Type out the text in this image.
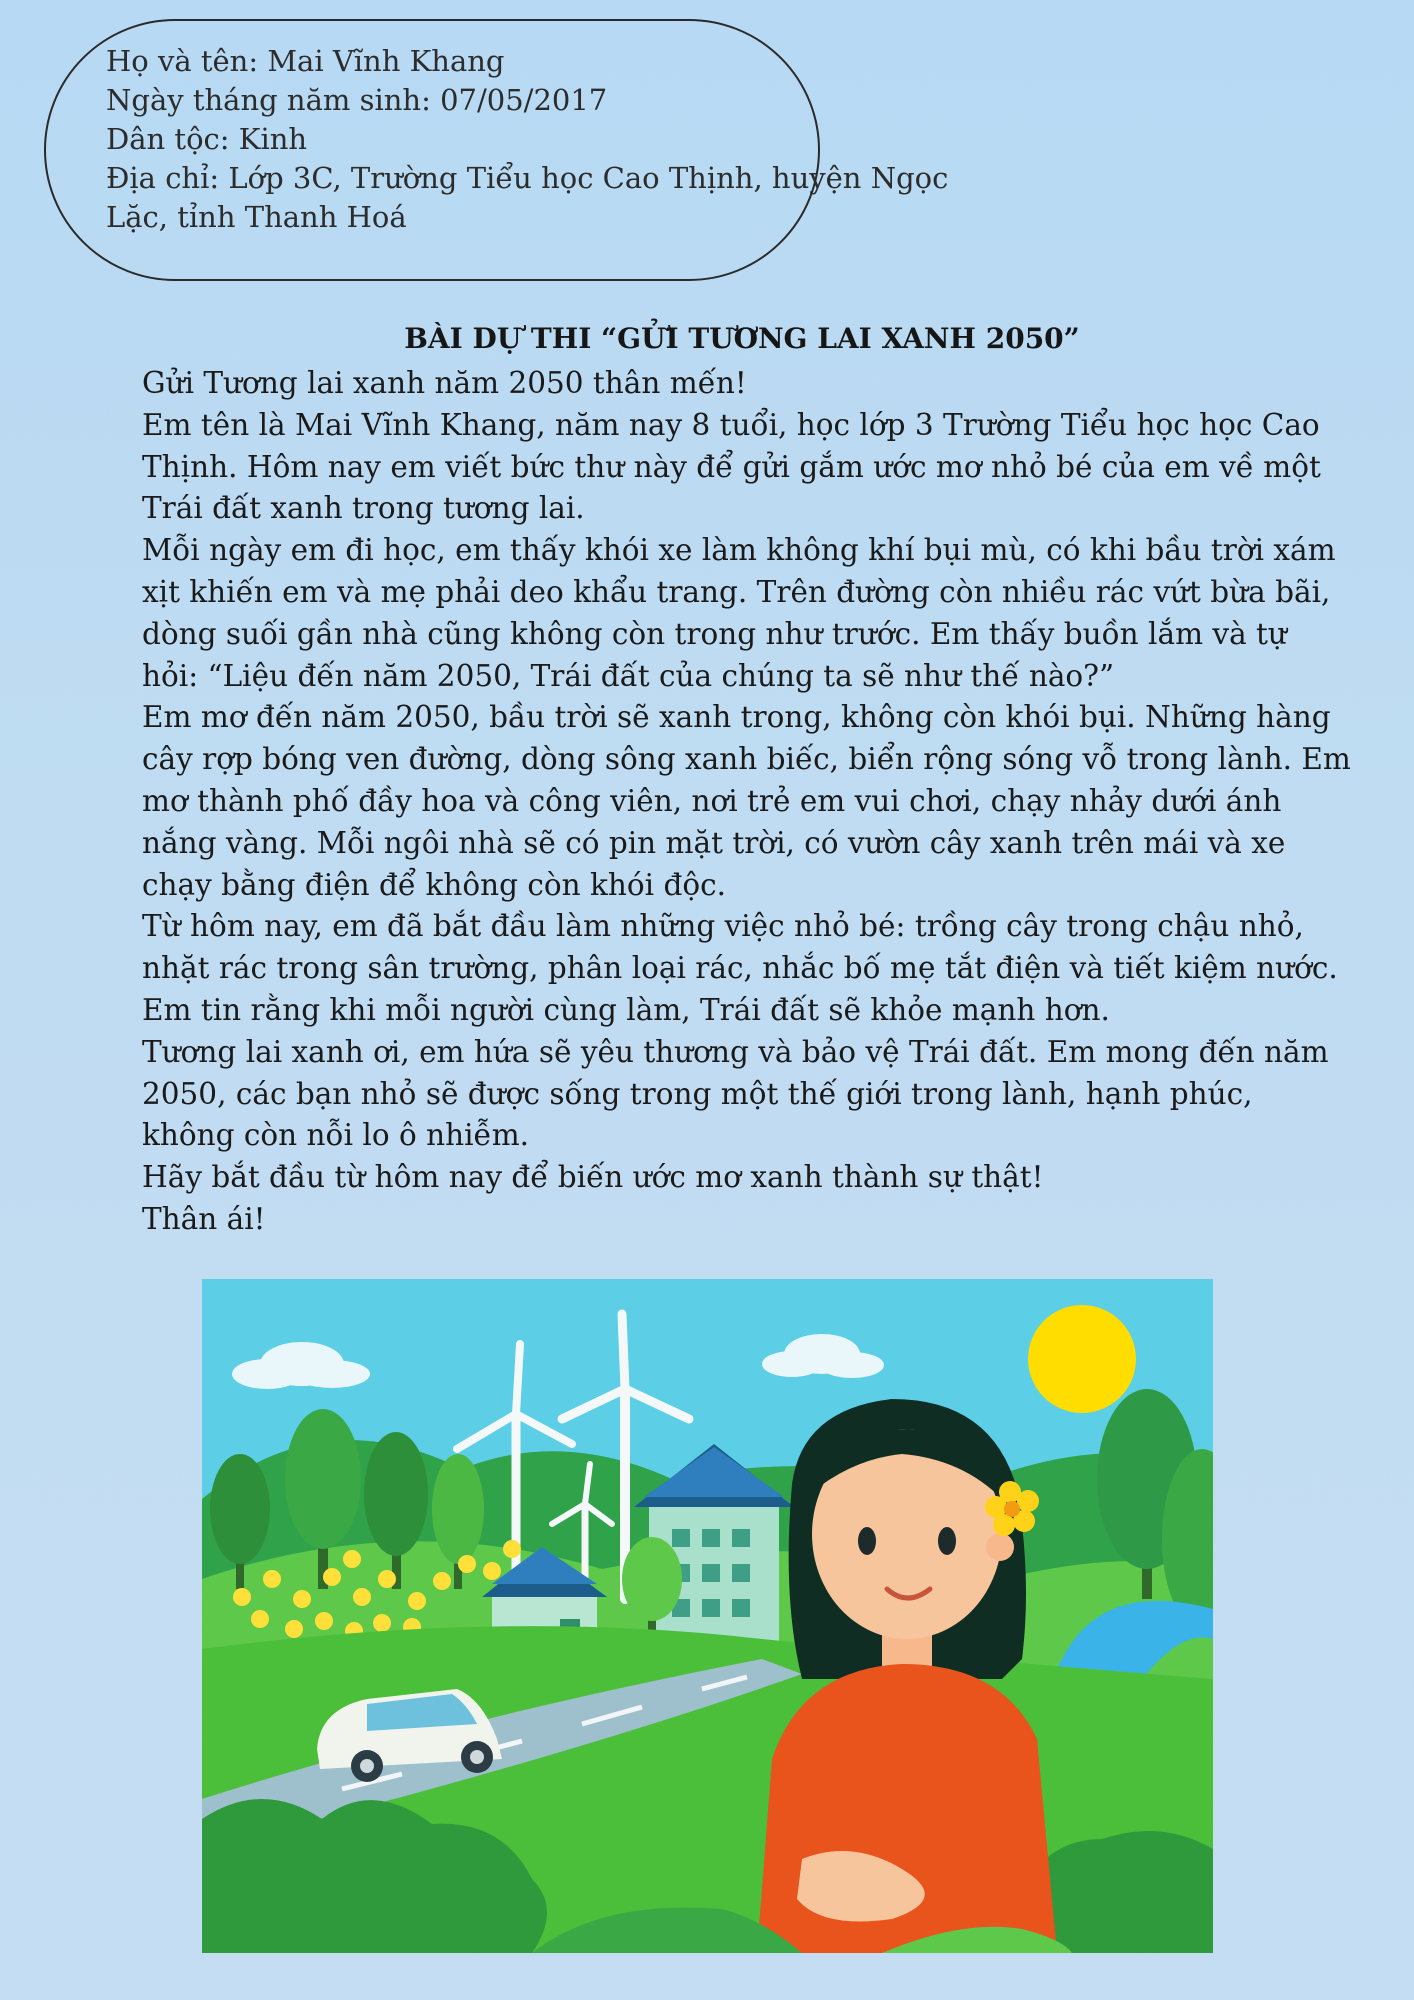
Họ và tên: Mai Vĩnh Khang
Ngày tháng năm sinh: 07/05/2017
Dân tộc: Kinh
Địa chỉ: Lớp 3C, Trường Tiểu học Cao Thịnh, huyện Ngọc
Lặc, tỉnh Thanh Hoá
BÀI DỰ THI “GỬI TƯƠNG LAI XANH 2050”

Gửi Tương lai xanh năm 2050 thân mến!

Em tên là Mai Vĩnh Khang, năm nay 8 tuổi, học lớp 3 Trường Tiểu học học Cao Thịnh. Hôm nay em viết bức thư này để gửi gắm ước mơ nhỏ bé của em về một Trái đất xanh trong tương lai.

Mỗi ngày em đi học, em thấy khói xe làm không khí bụi mù, có khi bầu trời xám xịt khiến em và mẹ phải deo khẩu trang. Trên đường còn nhiều rác vứt bừa bãi, dòng suối gần nhà cũng không còn trong như trước. Em thấy buồn lắm và tự hỏi: “Liệu đến năm 2050, Trái đất của chúng ta sẽ như thế nào?”

Em mơ đến năm 2050, bầu trời sẽ xanh trong, không còn khói bụi. Những hàng cây rợp bóng ven đường, dòng sông xanh biếc, biển rộng sóng vỗ trong lành. Em mơ thành phố đầy hoa và công viên, nơi trẻ em vui chơi, chạy nhảy dưới ánh nắng vàng. Mỗi ngôi nhà sẽ có pin mặt trời, có vườn cây xanh trên mái và xe chạy bằng điện để không còn khói độc.

Từ hôm nay, em đã bắt đầu làm những việc nhỏ bé: trồng cây trong chậu nhỏ, nhặt rác trong sân trường, phân loại rác, nhắc bố mẹ tắt điện và tiết kiệm nước. Em tin rằng khi mỗi người cùng làm, Trái đất sẽ khỏe mạnh hơn.

Tương lai xanh ơi, em hứa sẽ yêu thương và bảo vệ Trái đất. Em mong đến năm 2050, các bạn nhỏ sẽ được sống trong một thế giới trong lành, hạnh phúc, không còn nỗi lo ô nhiễm.

Hãy bắt đầu từ hôm nay để biến ước mơ xanh thành sự thật!

Thân ái!
